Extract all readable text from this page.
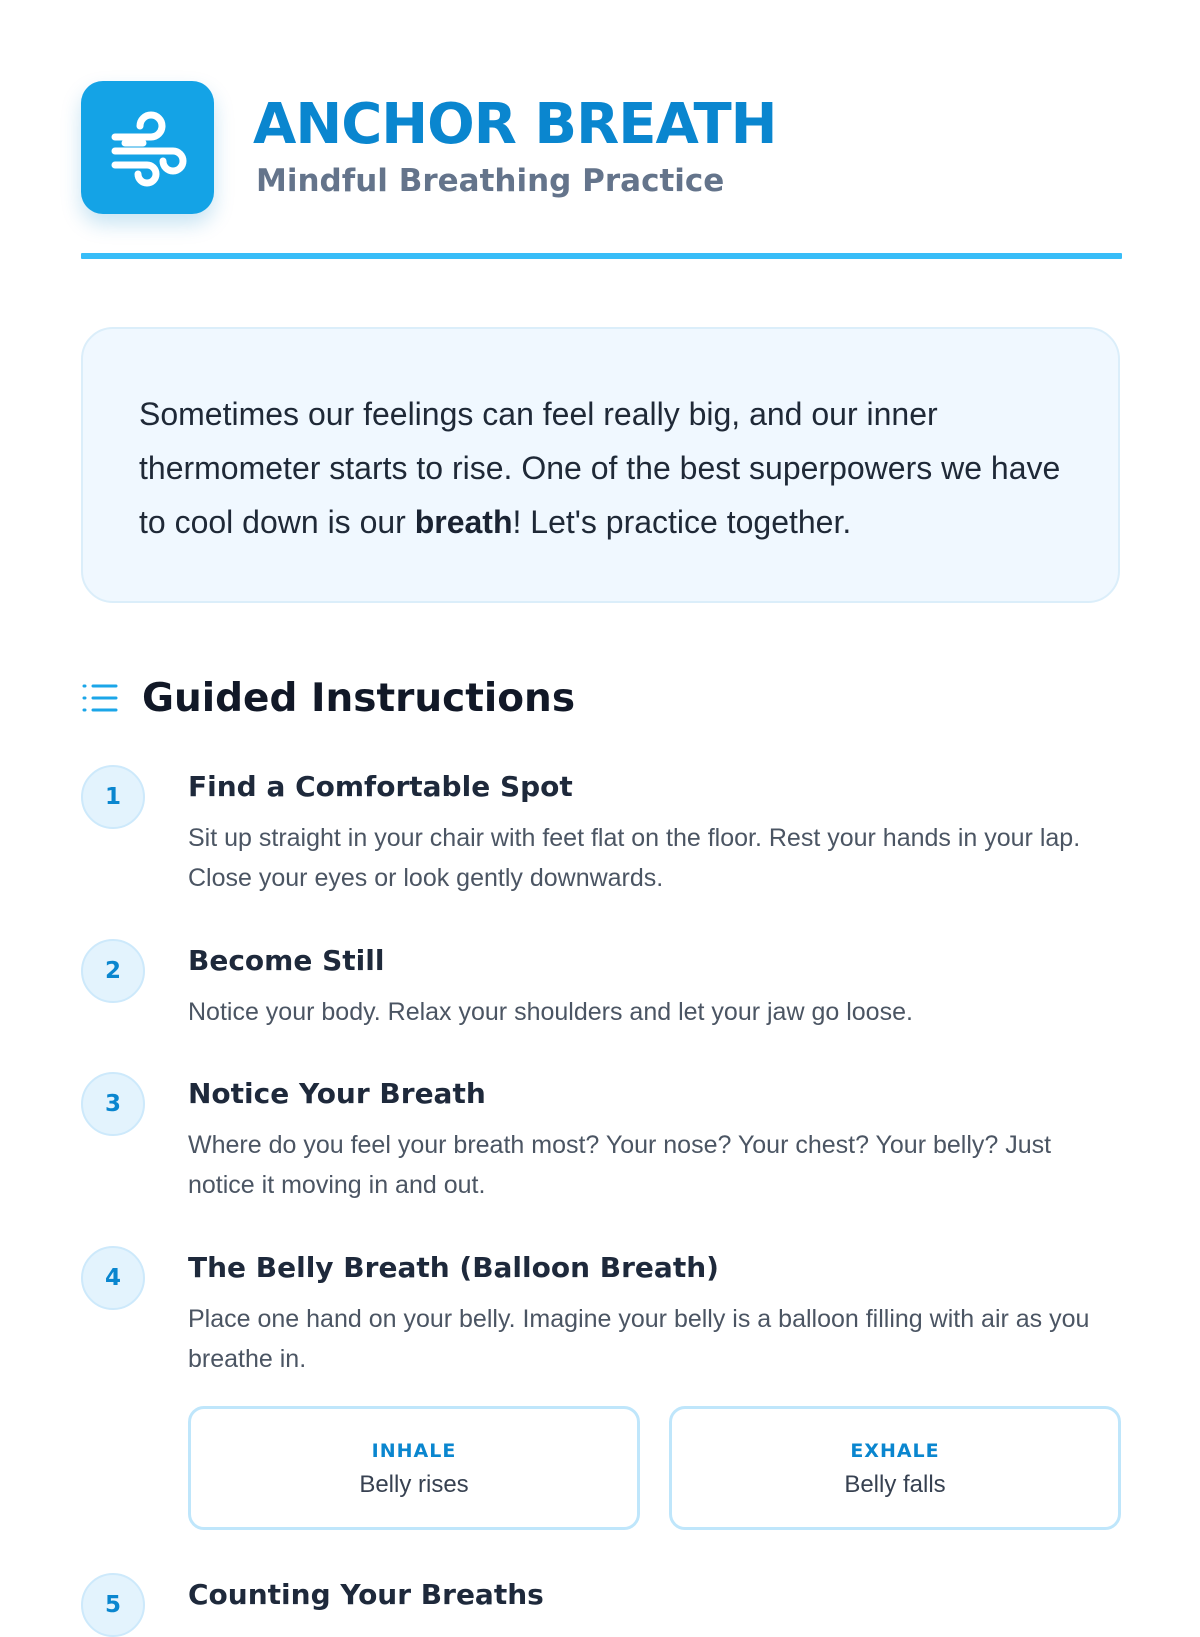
ANCHOR BREATH

Mindful Breathing Practice

Sometimes our feelings can feel really big, and our inner thermometer starts to rise. One of the best superpowers we have to cool down is our breath! Let's practice together.

Guided Instructions
1	Find a Comfortable Spot

Sit up straight in your chair with feet flat on the floor. Rest your hands in your lap. Close your eyes or look gently downwards.

2	Become Still

Notice your body. Relax your shoulders and let your jaw go loose.

3	Notice Your Breath

Where do you feel your breath most? Your nose? Your chest? Your belly? Just notice it moving in and out.

4	The Belly Breath (Balloon Breath)

Place one hand on your belly. Imagine your belly is a balloon filling with air as you breathe in.

INHALE
Belly rises
EXHALE
Belly falls
5	Counting Your Breaths
